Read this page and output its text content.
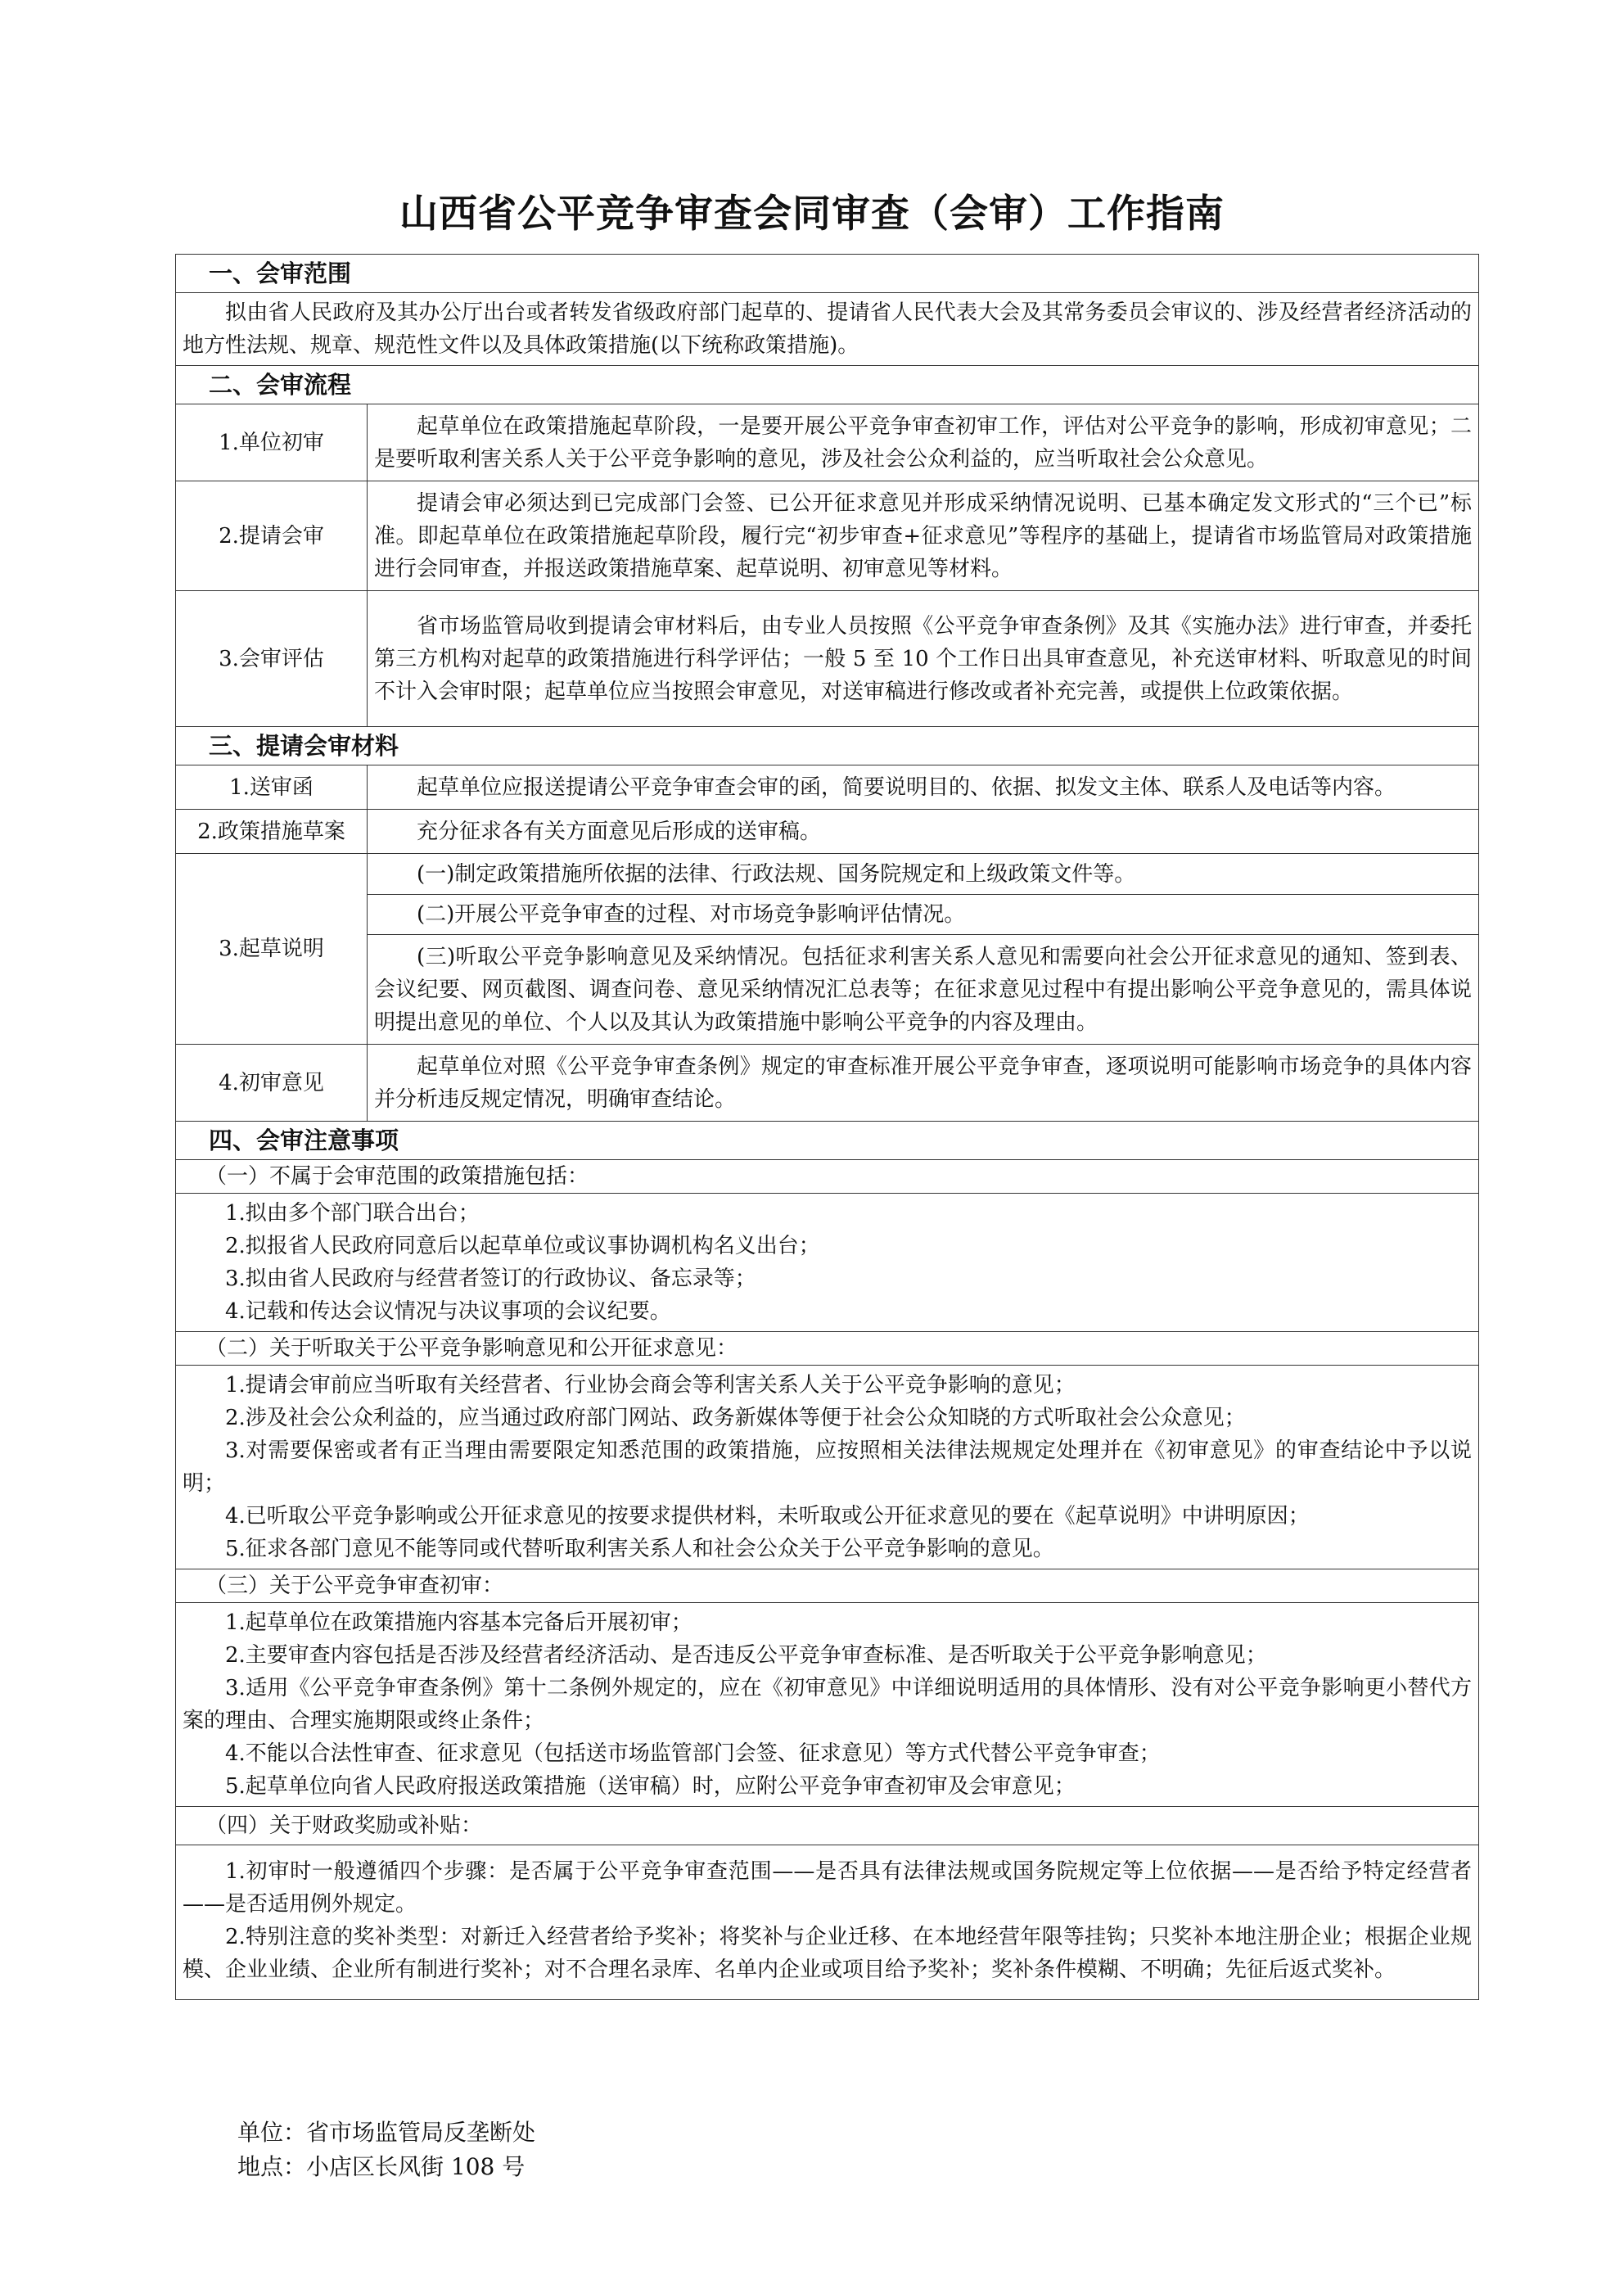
山西省公平竞争审查会同审查（会审）工作指南
一、会审范围	
拟由省人民政府及其办公厅出台或者转发省级政府部门起草的、提请省人民代表大会及其常务委员会审议的、涉及经营者经济活动的地方性法规、规章、规范性文件以及具体政策措施(以下统称政策措施)。	
二、会审流程	
1.单位初审	起草单位在政策措施起草阶段，一是要开展公平竞争审查初审工作，评估对公平竞争的影响，形成初审意见；二是要听取利害关系人关于公平竞争影响的意见，涉及社会公众利益的，应当听取社会公众意见。
2.提请会审	提请会审必须达到已完成部门会签、已公开征求意见并形成采纳情况说明、已基本确定发文形式的“三个已”标准。即起草单位在政策措施起草阶段，履行完“初步审查+征求意见”等程序的基础上，提请省市场监管局对政策措施进行会同审查，并报送政策措施草案、起草说明、初审意见等材料。
3.会审评估	省市场监管局收到提请会审材料后，由专业人员按照《公平竞争审查条例》及其《实施办法》进行审查，并委托第三方机构对起草的政策措施进行科学评估；一般 5 至 10 个工作日出具审查意见，补充送审材料、听取意见的时间不计入会审时限；起草单位应当按照会审意见，对送审稿进行修改或者补充完善，或提供上位政策依据。
三、提请会审材料	
1.送审函	起草单位应报送提请公平竞争审查会审的函，简要说明目的、依据、拟发文主体、联系人及电话等内容。
2.政策措施草案	充分征求各有关方面意见后形成的送审稿。
3.起草说明	(一)制定政策措施所依据的法律、行政法规、国务院规定和上级政策文件等。
	(二)开展公平竞争审查的过程、对市场竞争影响评估情况。
	(三)听取公平竞争影响意见及采纳情况。包括征求利害关系人意见和需要向社会公开征求意见的通知、签到表、会议纪要、网页截图、调查问卷、意见采纳情况汇总表等；在征求意见过程中有提出影响公平竞争意见的，需具体说明提出意见的单位、个人以及其认为政策措施中影响公平竞争的内容及理由。
4.初审意见	起草单位对照《公平竞争审查条例》规定的审查标准开展公平竞争审查，逐项说明可能影响市场竞争的具体内容并分析违反规定情况，明确审查结论。
四、会审注意事项	
（一）不属于会审范围的政策措施包括：	

1.拟由多个部门联合出台；
2.拟报省人民政府同意后以起草单位或议事协调机构名义出台；
3.拟由省人民政府与经营者签订的行政协议、备忘录等；
4.记载和传达会议情况与决议事项的会议纪要。	

（二）关于听取关于公平竞争影响意见和公开征求意见：	

1.提请会审前应当听取有关经营者、行业协会商会等利害关系人关于公平竞争影响的意见；
2.涉及社会公众利益的，应当通过政府部门网站、政务新媒体等便于社会公众知晓的方式听取社会公众意见；
3.对需要保密或者有正当理由需要限定知悉范围的政策措施，应按照相关法律法规规定处理并在《初审意见》的审查结论中予以说明；
4.已听取公平竞争影响或公开征求意见的按要求提供材料，未听取或公开征求意见的要在《起草说明》中讲明原因；
5.征求各部门意见不能等同或代替听取利害关系人和社会公众关于公平竞争影响的意见。	

（三）关于公平竞争审查初审：	

1.起草单位在政策措施内容基本完备后开展初审；
2.主要审查内容包括是否涉及经营者经济活动、是否违反公平竞争审查标准、是否听取关于公平竞争影响意见；
3.适用《公平竞争审查条例》第十二条例外规定的，应在《初审意见》中详细说明适用的具体情形、没有对公平竞争影响更小替代方案的理由、合理实施期限或终止条件；
4.不能以合法性审查、征求意见（包括送市场监管部门会签、征求意见）等方式代替公平竞争审查；
5.起草单位向省人民政府报送政策措施（送审稿）时，应附公平竞争审查初审及会审意见；	

（四）关于财政奖励或补贴：	

1.初审时一般遵循四个步骤：是否属于公平竞争审查范围——是否具有法律法规或国务院规定等上位依据——是否给予特定经营者——是否适用例外规定。
2.特别注意的奖补类型：对新迁入经营者给予奖补；将奖补与企业迁移、在本地经营年限等挂钩；只奖补本地注册企业；根据企业规模、企业业绩、企业所有制进行奖补；对不合理名录库、名单内企业或项目给予奖补；奖补条件模糊、不明确；先征后返式奖补。	
单位：省市场监管局反垄断处
地点：小店区长风街 108 号
